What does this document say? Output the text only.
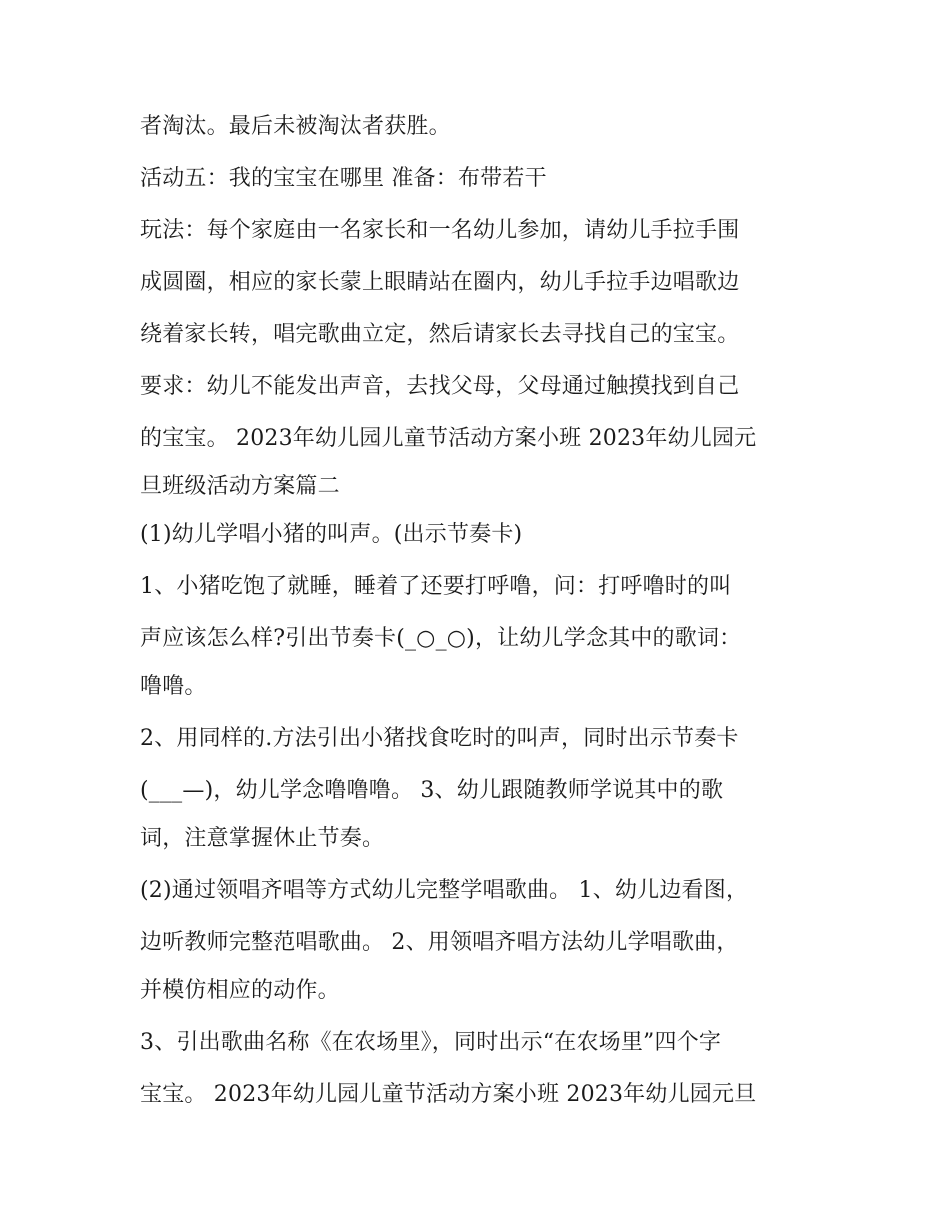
者淘汰。最后未被淘汰者获胜。
活动五：我的宝宝在哪里 准备：布带若干
玩法：每个家庭由一名家长和一名幼儿参加，请幼儿手拉手围
成圆圈，相应的家长蒙上眼睛站在圈内，幼儿手拉手边唱歌边
绕着家长转，唱完歌曲立定，然后请家长去寻找自己的宝宝。
要求：幼儿不能发出声音，去找父母，父母通过触摸找到自己
的宝宝。 2023年幼儿园儿童节活动方案小班 2023年幼儿园元
旦班级活动方案篇二
(1)幼儿学唱小猪的叫声。(出示节奏卡)
1、小猪吃饱了就睡，睡着了还要打呼噜，问：打呼噜时的叫
声应该怎么样?引出节奏卡(_○_○)，让幼儿学念其中的歌词：
噜噜。
2、用同样的.方法引出小猪找食吃时的叫声，同时出示节奏卡
(___—)，幼儿学念噜噜噜。 3、幼儿跟随教师学说其中的歌
词，注意掌握休止节奏。
(2)通过领唱齐唱等方式幼儿完整学唱歌曲。 1、幼儿边看图，
边听教师完整范唱歌曲。 2、用领唱齐唱方法幼儿学唱歌曲，
并模仿相应的动作。
3、引出歌曲名称《在农场里》，同时出示“在农场里”四个字
宝宝。 2023年幼儿园儿童节活动方案小班 2023年幼儿园元旦
